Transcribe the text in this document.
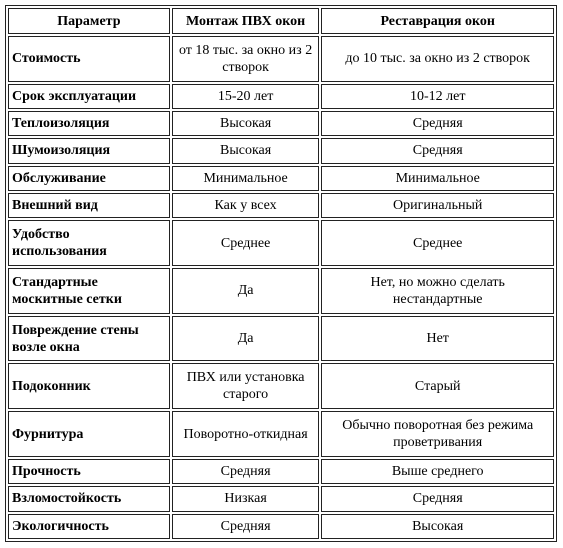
Параметр	Монтаж ПВХ окон	Реставрация окон
Стоимость	от 18 тыс. за окно из 2 створок	до 10 тыс. за окно из 2 створок
Срок эксплуатации	15-20 лет	10-12 лет
Теплоизоляция	Высокая	Средняя
Шумоизоляция	Высокая	Средняя
Обслуживание	Минимальное	Минимальное
Внешний вид	Как у всех	Оригинальный
Удобство использования	Среднее	Среднее
Стандартные москитные сетки	Да	Нет, но можно сделать нестандартные
Повреждение стены возле окна	Да	Нет
Подоконник	ПВХ или установка старого	Старый
Фурнитура	Поворотно-откидная	Обычно поворотная без режима проветривания
Прочность	Средняя	Выше среднего
Взломостойкость	Низкая	Средняя
Экологичность	Средняя	Высокая
